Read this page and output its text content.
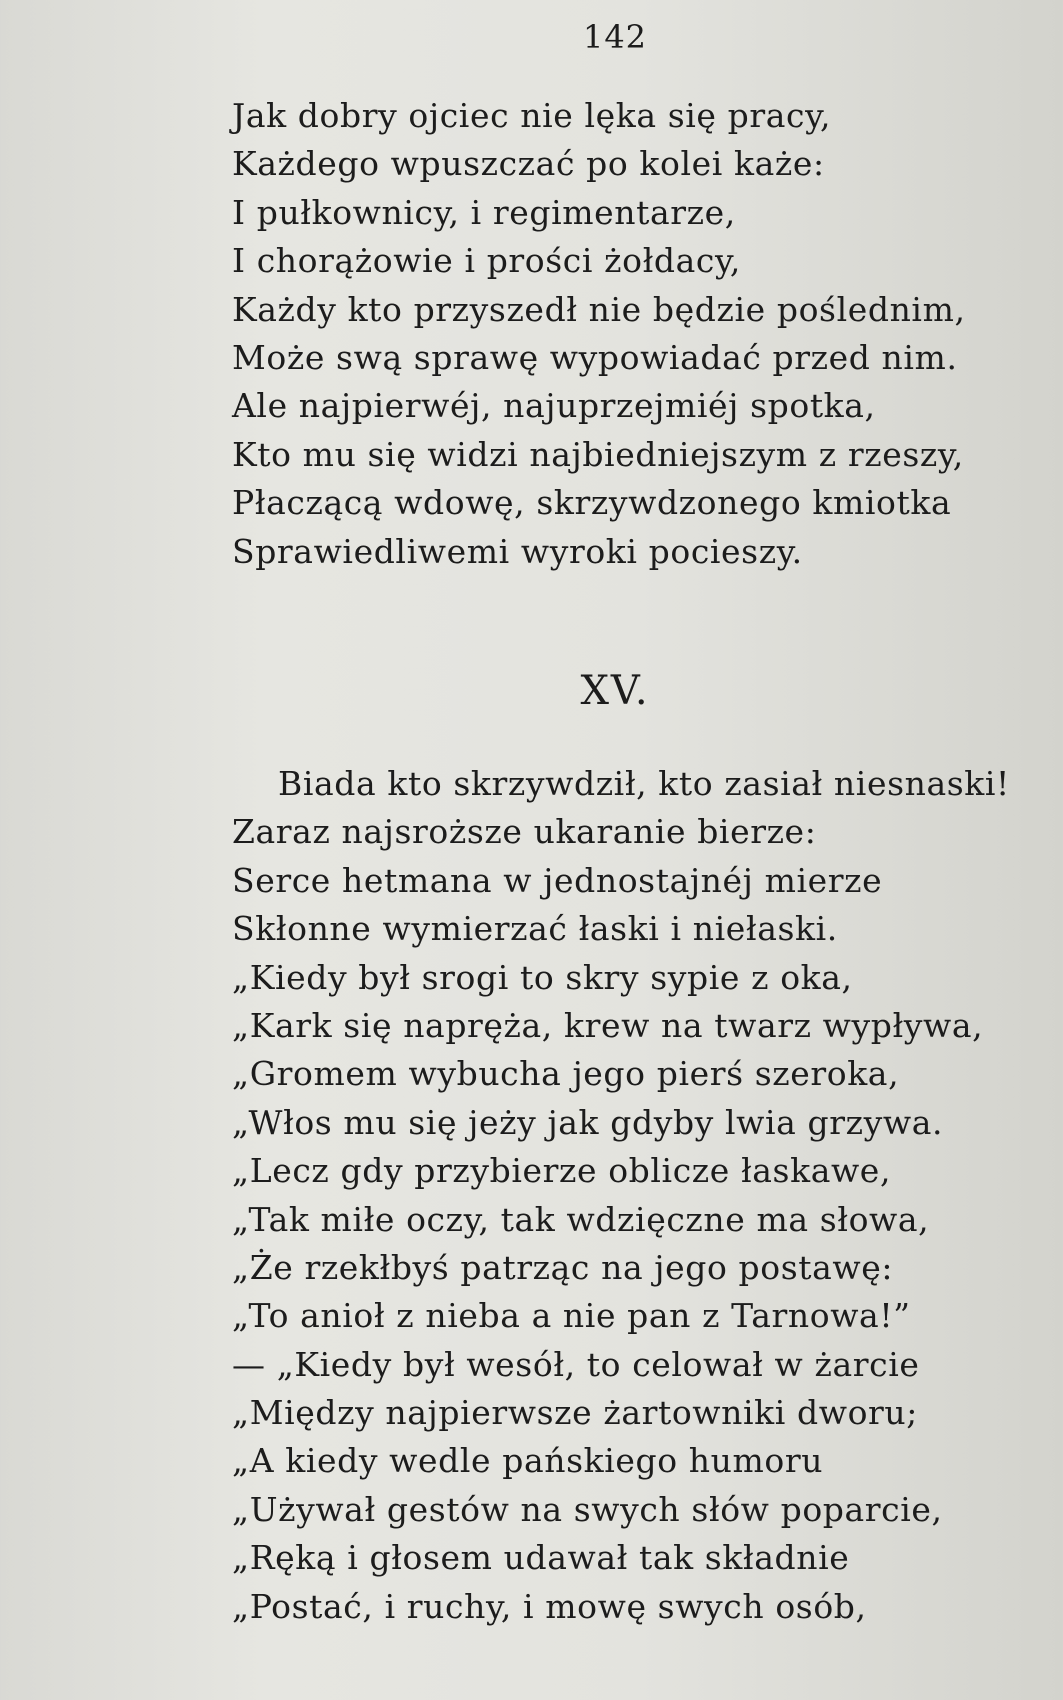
142
Jak dobry ojciec nie lęka się pracy,
Każdego wpuszczać po kolei każe:
I pułkownicy, i regimentarze,
I chorążowie i prości żołdacy,
Każdy kto przyszedł nie będzie poślednim,
Może swą sprawę wypowiadać przed nim.
Ale najpierwéj, najuprzejmiéj spotka,
Kto mu się widzi najbiedniejszym z rzeszy,
Płaczącą wdowę, skrzywdzonego kmiotka
Sprawiedliwemi wyroki pocieszy.
XV.
Biada kto skrzywdził, kto zasiał niesnaski!
Zaraz najsroższe ukaranie bierze:
Serce hetmana w jednostajnéj mierze
Skłonne wymierzać łaski i niełaski.
„Kiedy był srogi to skry sypie z oka,
„Kark się napręża, krew na twarz wypływa,
„Gromem wybucha jego pierś szeroka,
„Włos mu się jeży jak gdyby lwia grzywa.
„Lecz gdy przybierze oblicze łaskawe,
„Tak miłe oczy, tak wdzięczne ma słowa,
„Że rzekłbyś patrząc na jego postawę:
„To anioł z nieba a nie pan z Tarnowa!”
— „Kiedy był wesół, to celował w żarcie
„Między najpierwsze żartowniki dworu;
„A kiedy wedle pańskiego humoru
„Używał gestów na swych słów poparcie,
„Ręką i głosem udawał tak składnie
„Postać, i ruchy, i mowę swych osób,
